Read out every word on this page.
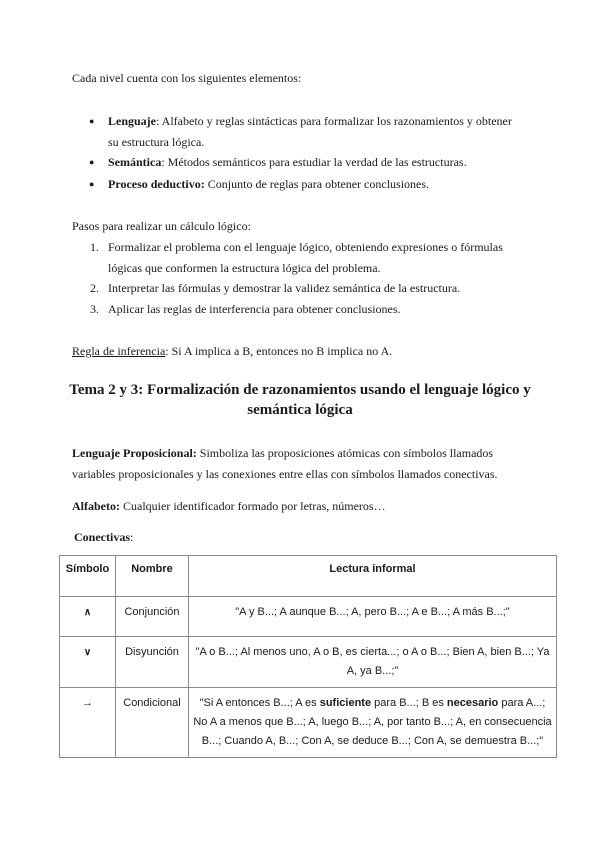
Cada nivel cuenta con los siguientes elementos:
● Lenguaje: Alfabeto y reglas sintácticas para formalizar los razonamientos y obtener
su estructura lógica.
● Semántica: Métodos semánticos para estudiar la verdad de las estructuras.
● Proceso deductivo: Conjunto de reglas para obtener conclusiones.
Pasos para realizar un cálculo lógico:
1. Formalizar el problema con el lenguaje lógico, obteniendo expresiones o fórmulas
lógicas que conformen la estructura lógica del problema.
2. Interpretar las fórmulas y demostrar la validez semántica de la estructura.
3. Aplicar las reglas de interferencia para obtener conclusiones.
Regla de inferencia: Si A implica a B, entonces no B implica no A.
Tema 2 y 3: Formalización de razonamientos usando el lenguaje lógico y
semántica lógica
Lenguaje Proposicional: Simboliza las proposiciones atómicas con símbolos llamados
variables proposicionales y las conexiones entre ellas con símbolos llamados conectivas.
Alfabeto: Cualquier identificador formado por letras, números…
Conectivas:
Símbolo	Nombre	Lectura informal
∧	Conjunción	"A y B...; A aunque B...; A, pero B...; A e B...; A más B...;"
∨	Disyunción	"A o B...; Al menos uno, A o B, es cierta...; o A o B...; Bien A, bien B...; Ya A, ya B...;"
→	Condicional	"Si A entonces B...; A es suficiente para B...; B es necesario para A...; No A a menos que B...; A, luego B...; A, por tanto B...; A, en consecuencia B...; Cuando A, B...; Con A, se deduce B...; Con A, se demuestra B...;"
